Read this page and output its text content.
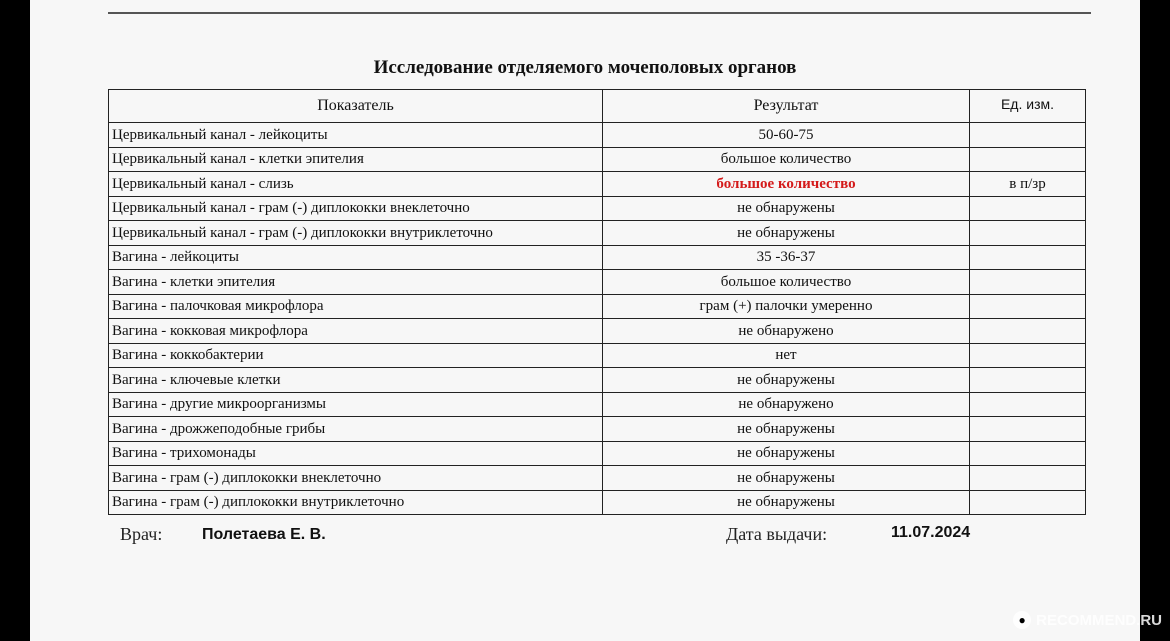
Исследование отделяемого мочеполовых органов
Показатель	Результат	Ед. изм.
Цервикальный канал - лейкоциты	50-60-75	
Цервикальный канал - клетки эпителия	большое количество	
Цервикальный канал - слизь	большое количество	в п/зр
Цервикальный канал - грам (-) диплококки внеклеточно	не обнаружены	
Цервикальный канал - грам (-) диплококки внутриклеточно	не обнаружены	
Вагина - лейкоциты	35 -36-37	
Вагина - клетки эпителия	большое количество	
Вагина - палочковая микрофлора	грам (+) палочки умеренно	
Вагина - кокковая микрофлора	не обнаружено	
Вагина - коккобактерии	нет	
Вагина - ключевые клетки	не обнаружены	
Вагина - другие микроорганизмы	не обнаружено	
Вагина - дрожжеподобные грибы	не обнаружены	
Вагина - трихомонады	не обнаружены	
Вагина - грам (-) диплококки внеклеточно	не обнаружены	
Вагина - грам (-) диплококки внутриклеточно	не обнаружены	
Врач: Полетаева Е. В.	Дата выдачи:	11.07.2024
● RECOMMEND.RU
